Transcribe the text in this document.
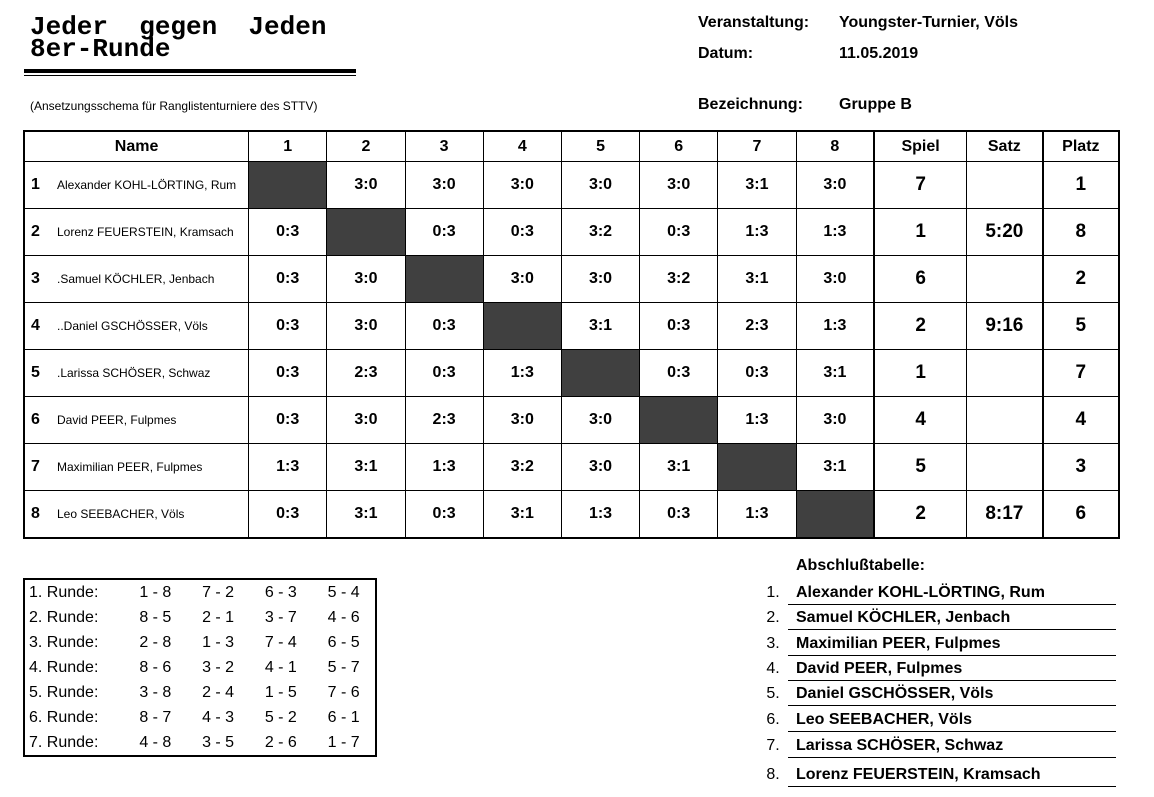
Jeder  gegen  Jeden
8er-Runde
(Ansetzungsschema für Ranglistenturniere des STTV)
Veranstaltung: Youngster-Turnier, Völs
Datum:	11.05.2019
Bezeichnung: Gruppe B
Name	1	2	3	4	5	6	7	8	Spiel	Satz	Platz
1 Alexander KOHL-LÖRTING, Rum		3:0	3:0	3:0	3:0	3:0	3:1	3:0	7		1
2 Lorenz FEUERSTEIN, Kramsach	0:3		0:3	0:3	3:2	0:3	1:3	1:3	1	5:20	8
3 .Samuel KÖCHLER, Jenbach	0:3	3:0		3:0	3:0	3:2	3:1	3:0	6		2
4 ..Daniel GSCHÖSSER, Völs	0:3	3:0	0:3		3:1	0:3	2:3	1:3	2	9:16	5
5 .Larissa SCHÖSER, Schwaz	0:3	2:3	0:3	1:3		0:3	0:3	3:1	1		7
6 David PEER, Fulpmes	0:3	3:0	2:3	3:0	3:0		1:3	3:0	4		4
7 Maximilian PEER, Fulpmes	1:3	3:1	1:3	3:2	3:0	3:1		3:1	5		3
8 Leo SEEBACHER, Völs	0:3	3:1	0:3	3:1	1:3	0:3	1:3		2	8:17	6
1. Runde:	1 - 8	7 - 2	6 - 3	5 - 4
2. Runde:	8 - 5	2 - 1	3 - 7	4 - 6
3. Runde:	2 - 8	1 - 3	7 - 4	6 - 5
4. Runde:	8 - 6	3 - 2	4 - 1	5 - 7
5. Runde:	3 - 8	2 - 4	1 - 5	7 - 6
6. Runde:	8 - 7	4 - 3	5 - 2	6 - 1
7. Runde:	4 - 8	3 - 5	2 - 6	1 - 7
Abschlußtabelle:
1.	Alexander KOHL-LÖRTING, Rum
2.	Samuel KÖCHLER, Jenbach
3.	Maximilian PEER, Fulpmes
4.	David PEER, Fulpmes
5.	Daniel GSCHÖSSER, Völs
6.	Leo SEEBACHER, Völs
7.	Larissa SCHÖSER, Schwaz
8.	Lorenz FEUERSTEIN, Kramsach
